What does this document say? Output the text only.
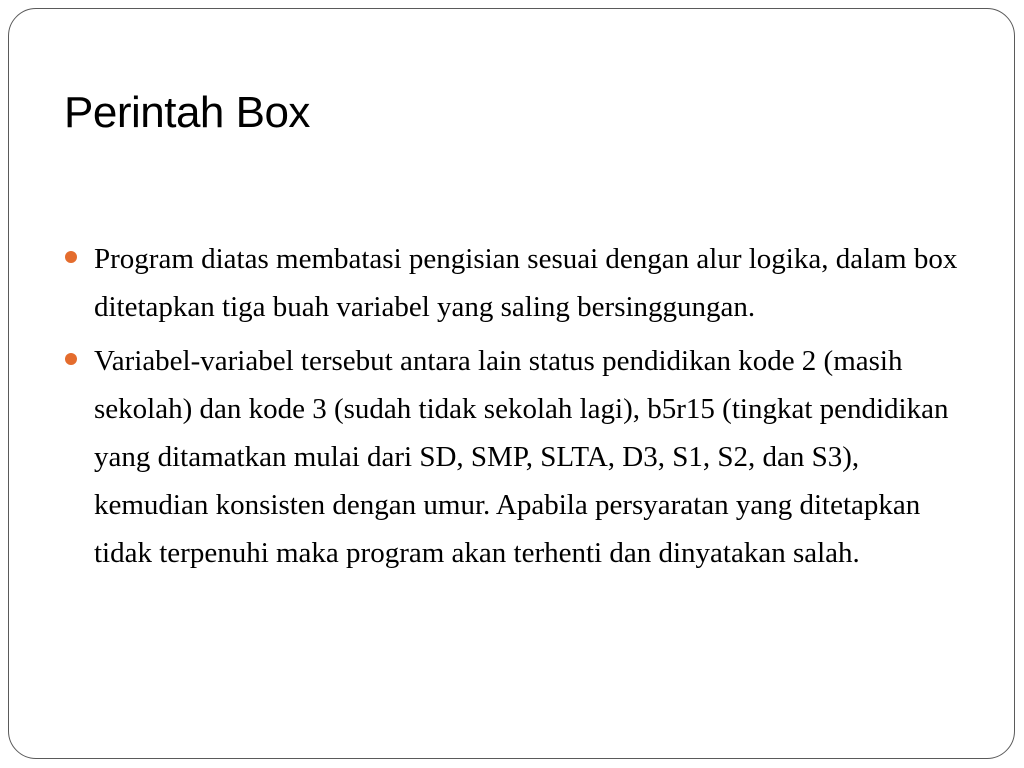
Perintah Box
Program diatas membatasi pengisian sesuai dengan alur logika, dalam box ditetapkan tiga buah variabel yang saling bersinggungan.
Variabel-variabel tersebut antara lain status pendidikan kode 2 (masih sekolah) dan kode 3 (sudah tidak sekolah lagi), b5r15 (tingkat pendidikan yang ditamatkan mulai dari SD, SMP, SLTA, D3, S1, S2, dan S3), kemudian konsisten dengan umur. Apabila persyaratan yang ditetapkan tidak terpenuhi maka program akan terhenti dan dinyatakan salah.
